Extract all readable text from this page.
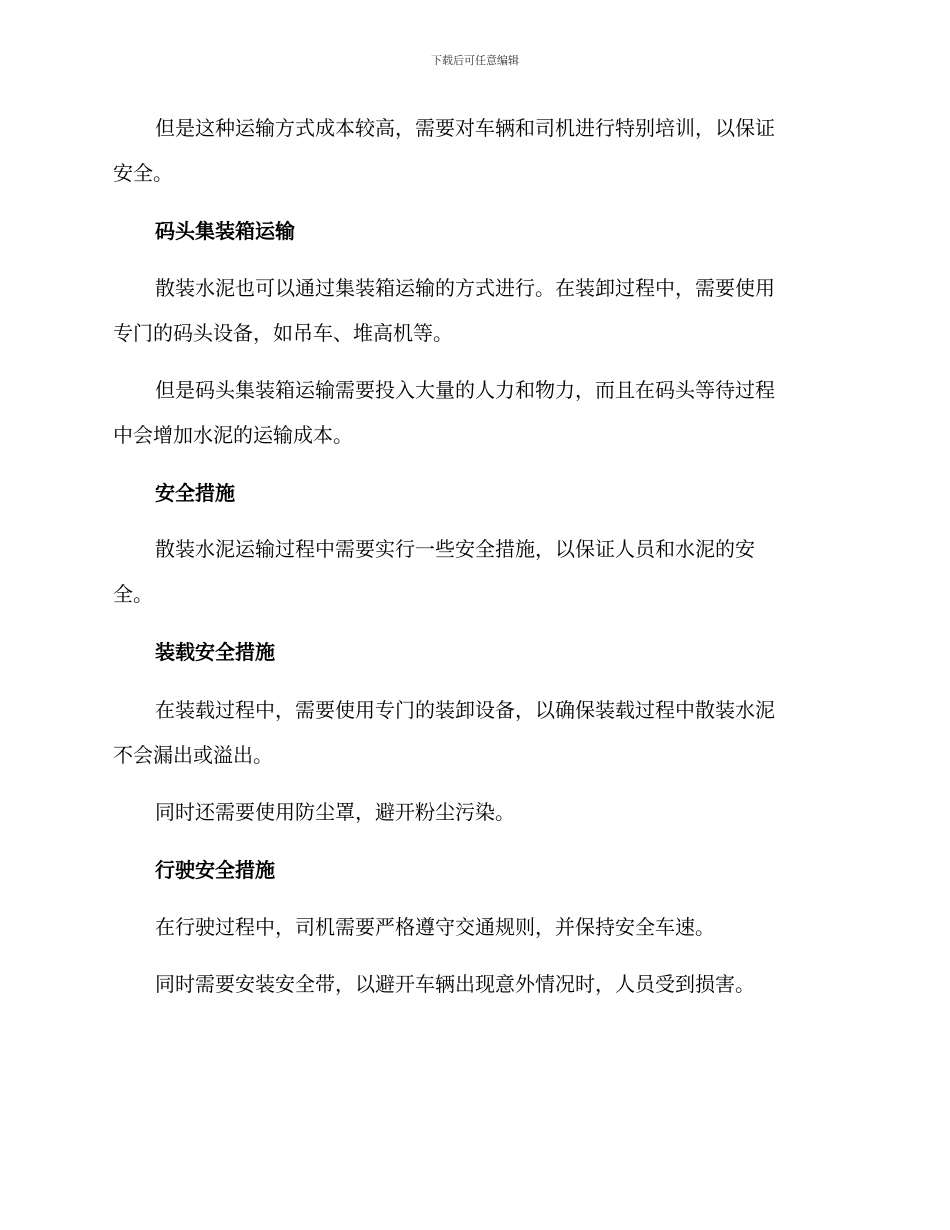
下载后可任意编辑
但是这种运输方式成本较高，需要对车辆和司机进行特别培训，以保证
安全。
码头集装箱运输
散装水泥也可以通过集装箱运输的方式进行。在装卸过程中，需要使用
专门的码头设备，如吊车、堆高机等。
但是码头集装箱运输需要投入大量的人力和物力，而且在码头等待过程
中会增加水泥的运输成本。
安全措施
散装水泥运输过程中需要实行一些安全措施，以保证人员和水泥的安
全。
装载安全措施
在装载过程中，需要使用专门的装卸设备，以确保装载过程中散装水泥
不会漏出或溢出。
同时还需要使用防尘罩，避开粉尘污染。
行驶安全措施
在行驶过程中，司机需要严格遵守交通规则，并保持安全车速。
同时需要安装安全带，以避开车辆出现意外情况时，人员受到损害。
